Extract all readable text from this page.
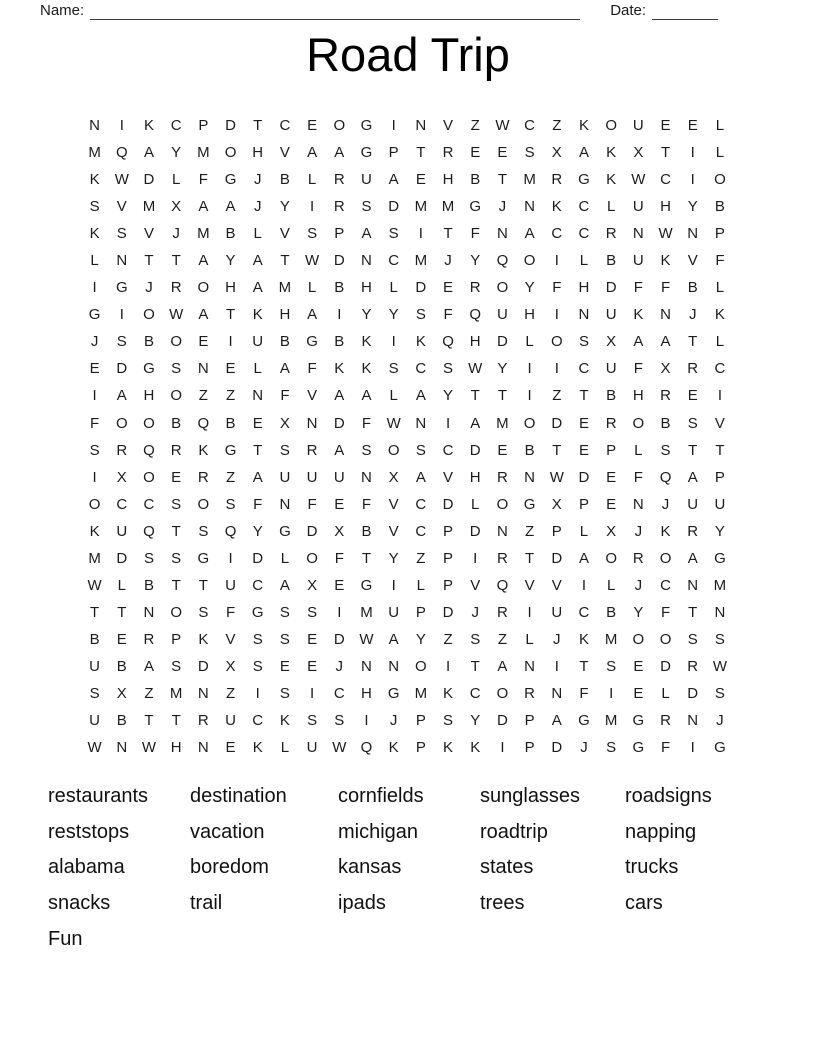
Name:	Date:
Road Trip
N	I	K	C	P	D	T	C	E	O	G	I	N	V	Z	W C	Z	K	O	U	E	E	L
M	Q	A	Y	M	O	H	V	A	A	G	P	T	R	E	E	S	X	A	K	X	T	I	L
K	W D	L	F	G	J	B	L	R	U	A	E	H	B	T	M	R	G	K	W C	I	O
S	V	M	X	A	A	J	Y	I	R	S	D	M M	G	J	N	K	C	L	U	H	Y	B
K	S	V	J	M	B	L	V	S	P	A	S	I	T	F	N	A	C	C	R	N W N	P
L	N	T	T	A	Y	A	T	W D	N	C	M	J	Y	Q	O	I	L	B	U	K	V	F
I	G	J	R	O	H	A	M	L	B	H	L	D	E	R	O	Y	F	H	D	F	F	B	L
G	I	O W	A	T	K	H	A	I	Y	Y	S	F	Q	U	H	I	N	U	K	N	J	K
J	S	B	O	E	I	U	B	G	B	K	I	K	Q	H	D	L	O	S	X	A	A	T	L
E	D	G	S	N	E	L	A	F	K	K	S	C	S	W	Y	I	I	C	U	F	X	R	C
I	A	H	O	Z	Z	N	F	V	A	A	L	A	Y	T	T	I	Z	T	B	H	R	E	I
F	O	O	B	Q	B	E	X	N	D	F	W N	I	A	M	O	D	E	R	O	B	S	V
S	R	Q	R	K	G	T	S	R	A	S	O	S	C	D	E	B	T	E	P	L	S	T	T
I	X	O	E	R	Z	A	U	U	U	N	X	A	V	H	R	N W D	E	F	Q	A	P
O	C	C	S	O	S	F	N	F	E	F	V	C	D	L	O	G	X	P	E	N	J	U	U
K	U	Q	T	S	Q	Y	G	D	X	B	V	C	P	D	N	Z	P	L	X	J	K	R	Y
M	D	S	S	G	I	D	L	O	F	T	Y	Z	P	I	R	T	D	A	O	R	O	A	G
W	L	B	T	T	U	C	A	X	E	G	I	L	P	V	Q	V	V	I	L	J	C	N	M
T	T	N	O	S	F	G	S	S	I	M	U	P	D	J	R	I	U	C	B	Y	F	T	N
B	E	R	P	K	V	S	S	E	D W	A	Y	Z	S	Z	L	J	K	M	O	O	S	S
U	B	A	S	D	X	S	E	E	J	N	N	O	I	T	A	N	I	T	S	E	D	R W
S	X	Z	M	N	Z	I	S	I	C	H	G	M	K	C	O	R	N	F	I	E	L	D	S
U	B	T	T	R	U	C	K	S	S	I	J	P	S	Y	D	P	A	G	M	G	R	N	J
W N W H	N	E	K	L	U W Q	K	P	K	K	I	P	D	J	S	G	F	I	G
restaurants	destination	cornfields	sunglasses	roadsigns
reststops	vacation	michigan	roadtrip	napping
alabama	boredom	kansas	states	trucks
snacks	trail	ipads	trees	cars
Fun
